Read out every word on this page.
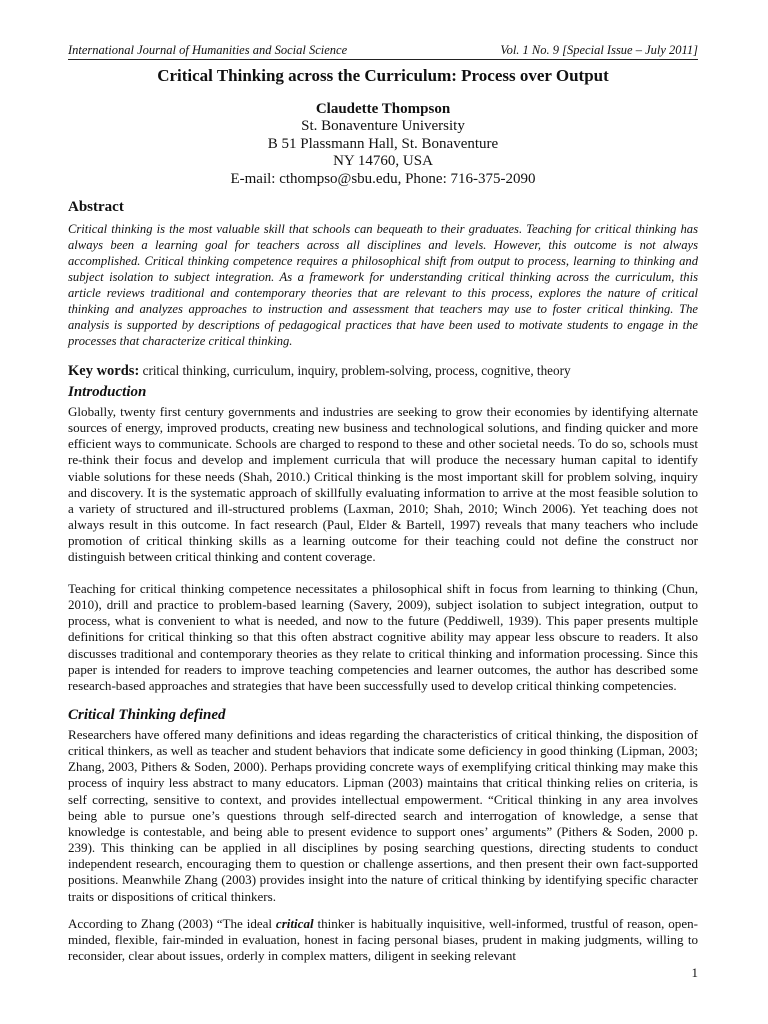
International Journal of Humanities and Social Science	Vol. 1 No. 9 [Special Issue – July 2011]
Critical Thinking across the Curriculum: Process over Output
Claudette Thompson
St. Bonaventure University
B 51 Plassmann Hall, St. Bonaventure
NY 14760, USA
E-mail: cthompso@sbu.edu, Phone: 716-375-2090
Abstract
Critical thinking is the most valuable skill that schools can bequeath to their graduates. Teaching for critical thinking has always been a learning goal for teachers across all disciplines and levels. However, this outcome is not always accomplished. Critical thinking competence requires a philosophical shift from output to process, learning to thinking and subject isolation to subject integration. As a framework for understanding critical thinking across the curriculum, this article reviews traditional and contemporary theories that are relevant to this process, explores the nature of critical thinking and analyzes approaches to instruction and assessment that teachers may use to foster critical thinking. The analysis is supported by descriptions of pedagogical practices that have been used to motivate students to engage in the processes that characterize critical thinking.
Key words: critical thinking, curriculum, inquiry, problem-solving, process, cognitive, theory
Introduction

Globally, twenty first century governments and industries are seeking to grow their economies by identifying alternate sources of energy, improved products, creating new business and technological solutions, and finding quicker and more efficient ways to communicate. Schools are charged to respond to these and other societal needs. To do so, schools must re-think their focus and develop and implement curricula that will produce the necessary human capital to identify viable solutions for these needs (Shah, 2010.) Critical thinking is the most important skill for problem solving, inquiry and discovery. It is the systematic approach of skillfully evaluating information to arrive at the most feasible solution to a variety of structured and ill-structured problems (Laxman, 2010; Shah, 2010; Winch 2006). Yet teaching does not always result in this outcome. In fact research (Paul, Elder & Bartell, 1997) reveals that many teachers who include promotion of critical thinking skills as a learning outcome for their teaching could not define the construct nor distinguish between critical thinking and content coverage.

Teaching for critical thinking competence necessitates a philosophical shift in focus from learning to thinking (Chun, 2010), drill and practice to problem-based learning (Savery, 2009), subject isolation to subject integration, output to process, what is convenient to what is needed, and now to the future (Peddiwell, 1939). This paper presents multiple definitions for critical thinking so that this often abstract cognitive ability may appear less obscure to readers. It also discusses traditional and contemporary theories as they relate to critical thinking and information processing. Since this paper is intended for readers to improve teaching competencies and learner outcomes, the author has described some research-based approaches and strategies that have been successfully used to develop critical thinking competencies.

Critical Thinking defined

Researchers have offered many definitions and ideas regarding the characteristics of critical thinking, the disposition of critical thinkers, as well as teacher and student behaviors that indicate some deficiency in good thinking (Lipman, 2003; Zhang, 2003, Pithers & Soden, 2000). Perhaps providing concrete ways of exemplifying critical thinking may make this process of inquiry less abstract to many educators. Lipman (2003) maintains that critical thinking relies on criteria, is self correcting, sensitive to context, and provides intellectual empowerment. “Critical thinking in any area involves being able to pursue one’s questions through self-directed search and interrogation of knowledge, a sense that knowledge is contestable, and being able to present evidence to support ones’ arguments” (Pithers & Soden, 2000 p. 239). This thinking can be applied in all disciplines by posing searching questions, directing students to conduct independent research, encouraging them to question or challenge assertions, and then present their own fact-supported positions. Meanwhile Zhang (2003) provides insight into the nature of critical thinking by identifying specific character traits or dispositions of critical thinkers.

According to Zhang (2003) “The ideal critical thinker is habitually inquisitive, well-informed, trustful of reason, open-minded, flexible, fair-minded in evaluation, honest in facing personal biases, prudent in making judgments, willing to reconsider, clear about issues, orderly in complex matters, diligent in seeking relevant

1
